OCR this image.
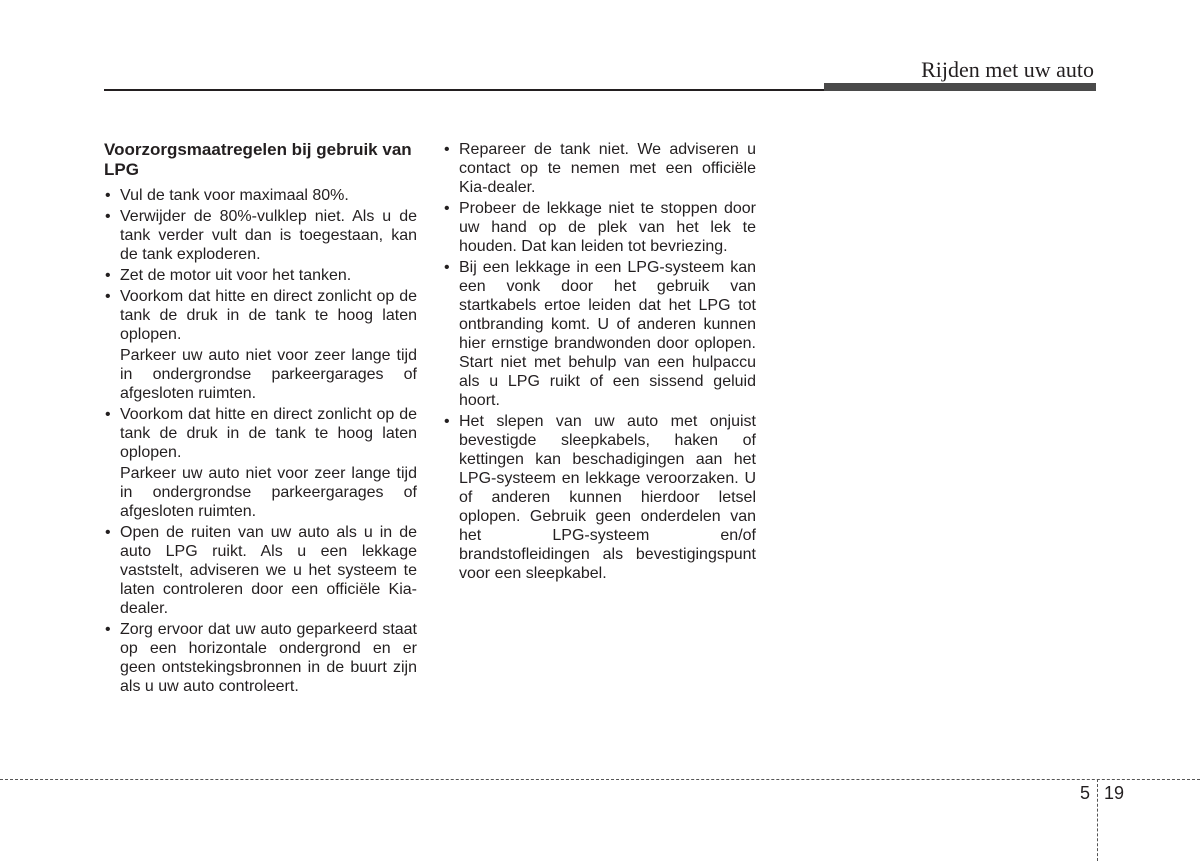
Rijden met uw auto
Voorzorgsmaatregelen bij gebruik van LPG
• Vul de tank voor maximaal 80%.
• Verwijder de 80%-vulklep niet. Als u de tank verder vult dan is toegestaan, kan de tank exploderen.
• Zet de motor uit voor het tanken.
• Voorkom dat hitte en direct zonlicht op de tank de druk in de tank te hoog laten oplopen.
Parkeer uw auto niet voor zeer lange tijd in ondergrondse parkeergarages of afgesloten ruimten.
• Voorkom dat hitte en direct zonlicht op de tank de druk in de tank te hoog laten oplopen.
Parkeer uw auto niet voor zeer lange tijd in ondergrondse parkeergarages of afgesloten ruimten.
• Open de ruiten van uw auto als u in de auto LPG ruikt. Als u een lekkage vaststelt, adviseren we u het systeem te laten controleren door een officiële Kia-dealer.
• Zorg ervoor dat uw auto geparkeerd staat op een horizontale ondergrond en er geen ontstekingsbronnen in de buurt zijn als u uw auto controleert.
• Repareer de tank niet. We adviseren u contact op te nemen met een officiële Kia-dealer.
• Probeer de lekkage niet te stoppen door uw hand op de plek van het lek te houden. Dat kan leiden tot bevriezing.
• Bij een lekkage in een LPG-systeem kan een vonk door het gebruik van startkabels ertoe leiden dat het LPG tot ontbranding komt. U of anderen kunnen hier ernstige brandwonden door oplopen. Start niet met behulp van een hulpaccu als u LPG ruikt of een sissend geluid hoort.
• Het slepen van uw auto met onjuist bevestigde sleepkabels, haken of kettingen kan beschadigingen aan het LPG-systeem en lekkage veroorzaken. U of anderen kunnen hierdoor letsel oplopen. Gebruik geen onderdelen van het LPG-systeem en/of brandstofleidingen als bevestigingspunt voor een sleepkabel.
5 19
